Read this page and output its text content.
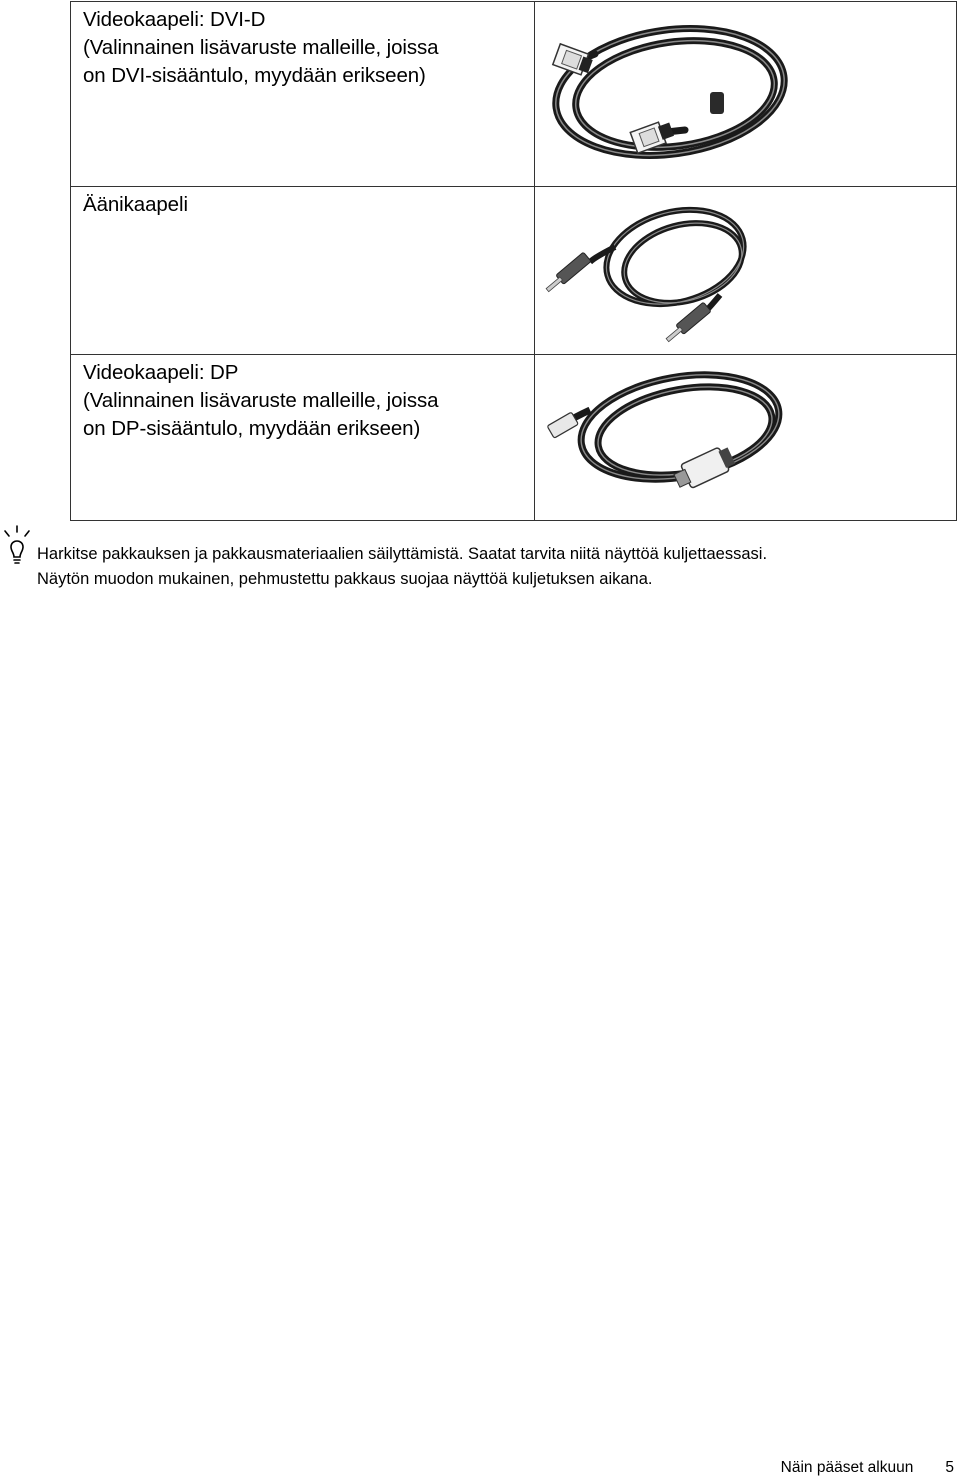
Videokaapeli: DVI-D
(Valinnainen lisävaruste malleille, joissa
on DVI-sisääntulo, myydään erikseen)

Äänikaapeli

Videokaapeli: DP
(Valinnainen lisävaruste malleille, joissa
on DP-sisääntulo, myydään erikseen)

Harkitse pakkauksen ja pakkausmateriaalien säilyttämistä. Saatat tarvita niitä näyttöä kuljettaessasi.
Näytön muodon mukainen, pehmustettu pakkaus suojaa näyttöä kuljetuksen aikana.
Näin pääset alkuun 5
